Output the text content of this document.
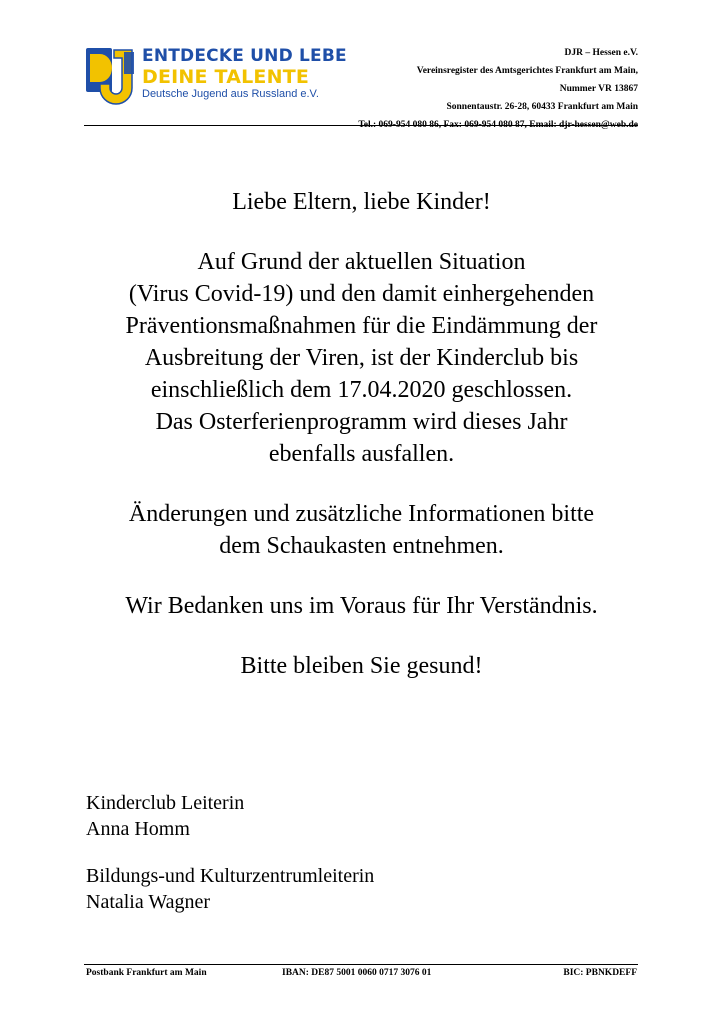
ENTDECKE UND LEBE
DEINE TALENTE
Deutsche Jugend aus Russland e.V.
DJR – Hessen e.V.
Vereinsregister des Amtsgerichtes Frankfurt am Main,
Nummer VR 13867
Sonnentaustr. 26-28, 60433 Frankfurt am Main
Tel.: 069-954 080 86, Fax: 069-954 080 87, Email: djr-hessen@web.de

Liebe Eltern, liebe Kinder!

Auf Grund der aktuellen Situation
(Virus Covid-19) und den damit einhergehenden
Präventionsmaßnahmen für die Eindämmung der
Ausbreitung der Viren, ist der Kinderclub bis
einschließlich dem 17.04.2020 geschlossen.
Das Osterferienprogramm wird dieses Jahr
ebenfalls ausfallen.

Änderungen und zusätzliche Informationen bitte
dem Schaukasten entnehmen.

Wir Bedanken uns im Voraus für Ihr Verständnis.

Bitte bleiben Sie gesund!

Kinderclub Leiterin
Anna Homm
Bildungs-und Kulturzentrumleiterin
Natalia Wagner
Postbank Frankfurt am Main	IBAN: DE87 5001 0060 0717 3076 01	BIC: PBNKDEFF
